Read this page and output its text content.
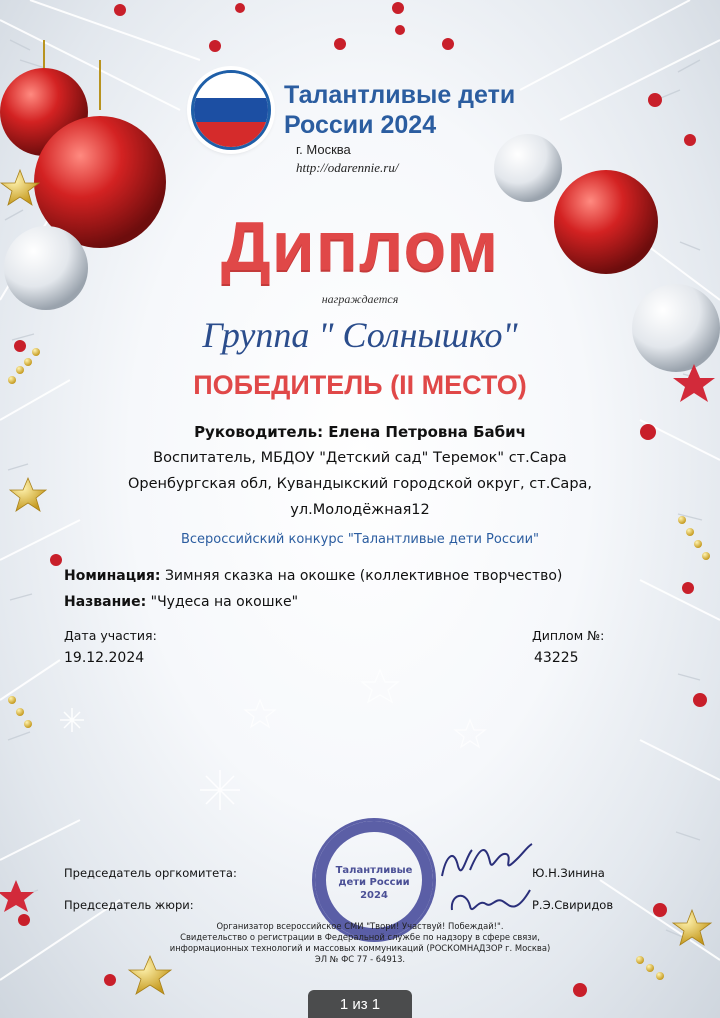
Талантливые дети
России 2024
г. Москва
http://odarennie.ru/
Диплом
награждается
Группа " Солнышко"
ПОБЕДИТЕЛЬ (II МЕСТО)
Руководитель: Елена Петровна Бабич
Воспитатель, МБДОУ "Детский сад" Теремок" ст.Сара
Оренбургская обл, Кувандыкский городской округ, ст.Сара,
ул.Молодёжная12
Всероссийский конкурс "Талантливые дети России"
Номинация: Зимняя сказка на окошке (коллективное творчество)
Название: "Чудеса на окошке"
Дата участия:
19.12.2024
Диплом №:
43225
Председатель оргкомитета:	Ю.Н.Зинина
Председатель жюри:	Р.Э.Свиридов
Талантливые
дети России
2024
Организатор всероссийское СМИ "Твори! Участвуй! Побеждай!".
Свидетельство о регистрации в Федеральной службе по надзору в сфере связи,
информационных технологий и массовых коммуникаций (РОСКОМНАДЗОР г. Москва)
ЭЛ № ФС 77 - 64913.
1 из 1
